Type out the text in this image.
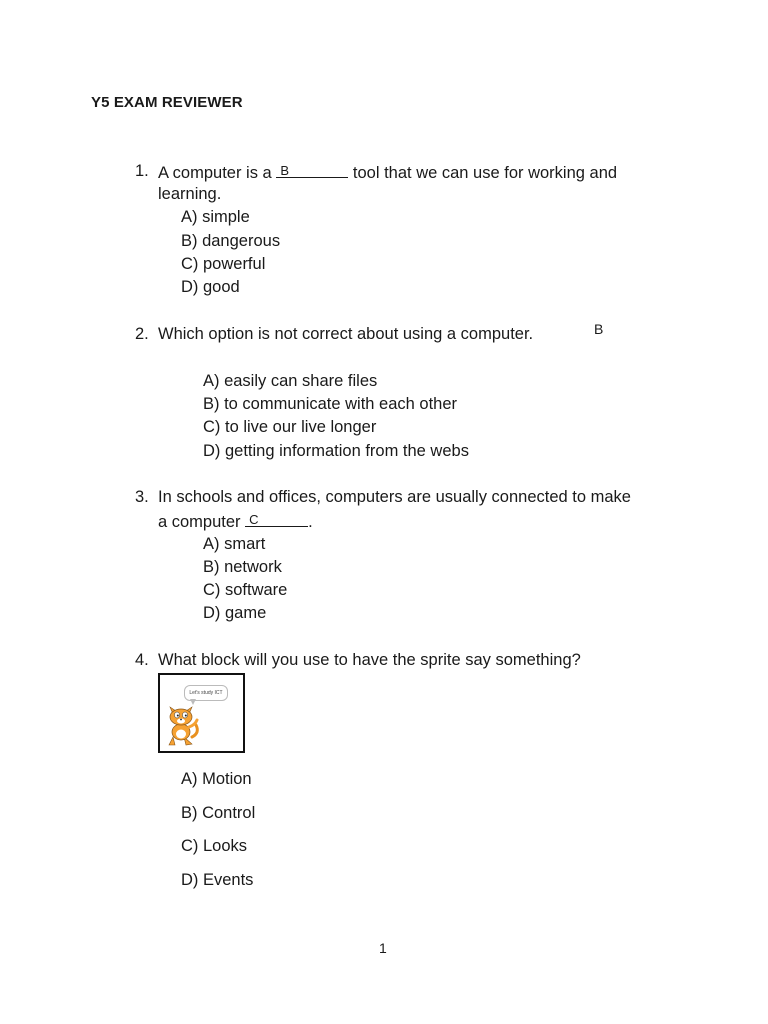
Y5 EXAM REVIEWER
1. A computer is a B	tool that we can use for working and
learning.
A) simple
B) dangerous
C) powerful
D) good
2. Which option is not correct about using a computer.	B
A) easily can share files
B) to communicate with each other
C) to live our live longer
D) getting information from the webs
3. In schools and offices, computers are usually connected to make
a computer C	.
A) smart
B) network
C) software
D) game
4. What block will you use to have the sprite say something?
Let's study ICT
A) Motion
B) Control
C) Looks
D) Events
1
